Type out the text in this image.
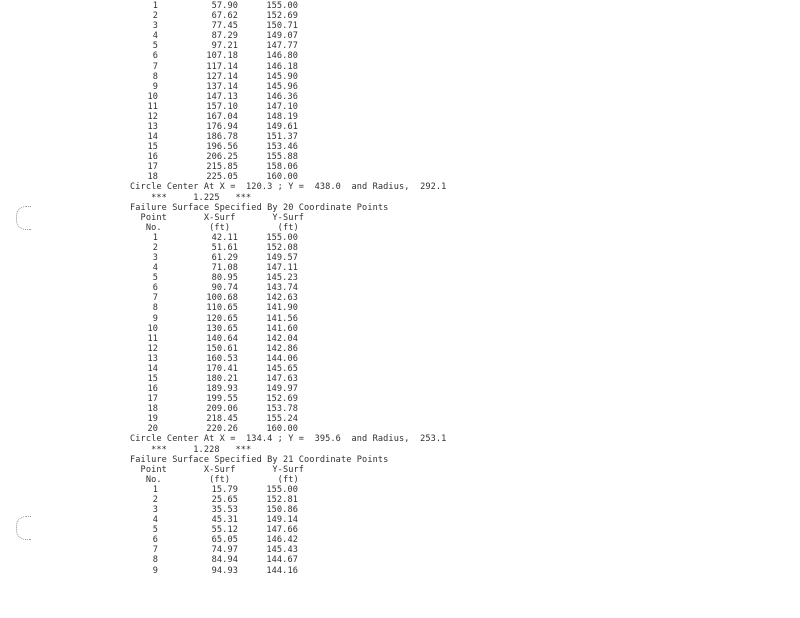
1	57.90	155.00
2	67.62	152.69
3	77.45	150.71
4	87.29	149.07
5	97.21	147.77
6	107.18	146.80
7	117.14	146.18
8	127.14	145.90
9	137.14	145.96
10	147.13	146.36
11	157.10	147.10
12	167.04	148.19
13	176.94	149.61
14	186.78	151.37
15	196.56	153.46
16	206.25	155.88
17	215.85	158.06
18	225.05	160.00
Circle Center At X =  120.3 ; Y =  438.0  and Radius,  292.1
***     1.225   ***
Failure Surface Specified By 20 Coordinate Points
Point       X-Surf       Y-Surf
No.         (ft)         (ft)
1	42.11	155.00
2	51.61	152.08
3	61.29	149.57
4	71.08	147.11
5	80.95	145.23
6	90.74	143.74
7	100.68	142.63
8	110.65	141.90
9	120.65	141.56
10	130.65	141.60
11	140.64	142.04
12	150.61	142.86
13	160.53	144.06
14	170.41	145.65
15	180.21	147.63
16	189.93	149.97
17	199.55	152.69
18	209.06	153.78
19	218.45	155.24
20	220.26	160.00
Circle Center At X =  134.4 ; Y =  395.6  and Radius,  253.1
***     1.228   ***
Failure Surface Specified By 21 Coordinate Points
Point       X-Surf       Y-Surf
No.         (ft)         (ft)
1	15.79	155.00
2	25.65	152.81
3	35.53	150.86
4	45.31	149.14
5	55.12	147.66
6	65.05	146.42
7	74.97	145.43
8	84.94	144.67
9	94.93	144.16
